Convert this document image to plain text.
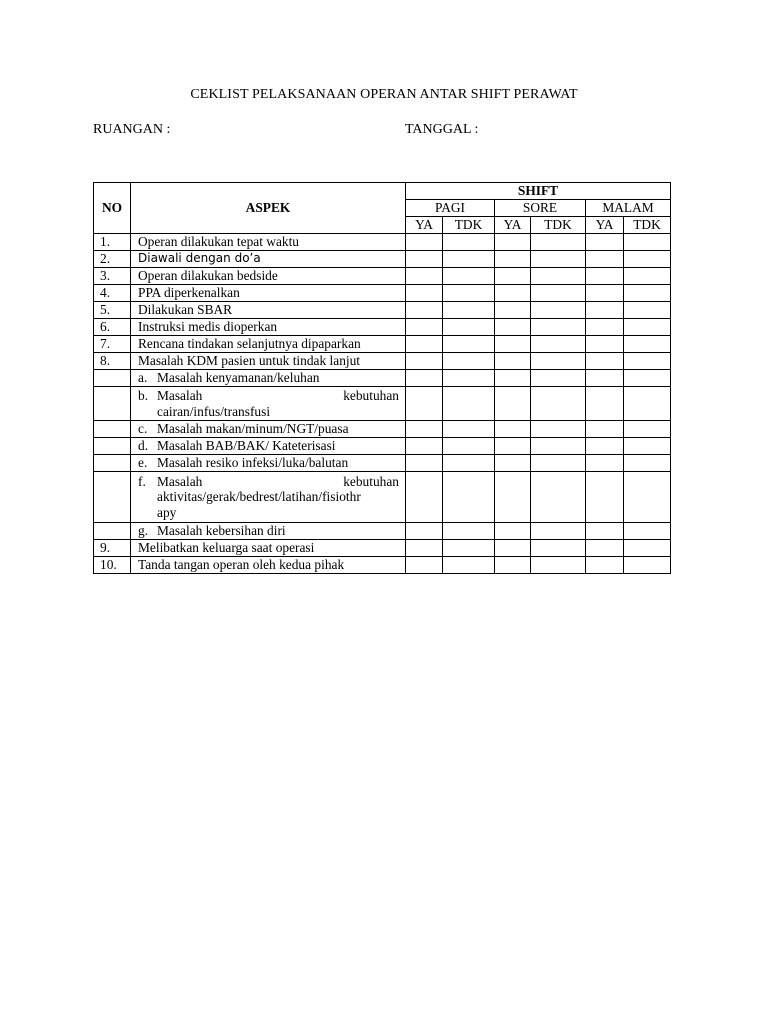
CEKLIST PELAKSANAAN OPERAN ANTAR SHIFT PERAWAT
RUANGAN :	TANGGAL :
NO	ASPEK	SHIFT					
		PAGI		SORE		MALAM	
		YA	TDK	YA	TDK	YA	TDK
1.	Operan dilakukan tepat waktu						
2.	Diawali dengan do’a						
3.	Operan dilakukan bedside						
4.	PPA diperkenalkan						
5.	Dilakukan SBAR						
6.	Instruksi medis dioperkan						
7.	Rencana tindakan selanjutnya dipaparkan						
8.	Masalah KDM pasien untuk tindak lanjut						

	a. Masalah kenyamanan/keluhan						

	b. Masalah kebutuhan
cairan/infus/transfusi						

	c. Masalah makan/minum/NGT/puasa						

	d. Masalah BAB/BAK/ Kateterisasi						

	e. Masalah resiko infeksi/luka/balutan						

	f. Masalah kebutuhan
aktivitas/gerak/bedrest/latihan/fisiothr
apy						

	g. Masalah kebersihan diri						

9.	Melibatkan keluarga saat operasi						
10.	Tanda tangan operan oleh kedua pihak						
